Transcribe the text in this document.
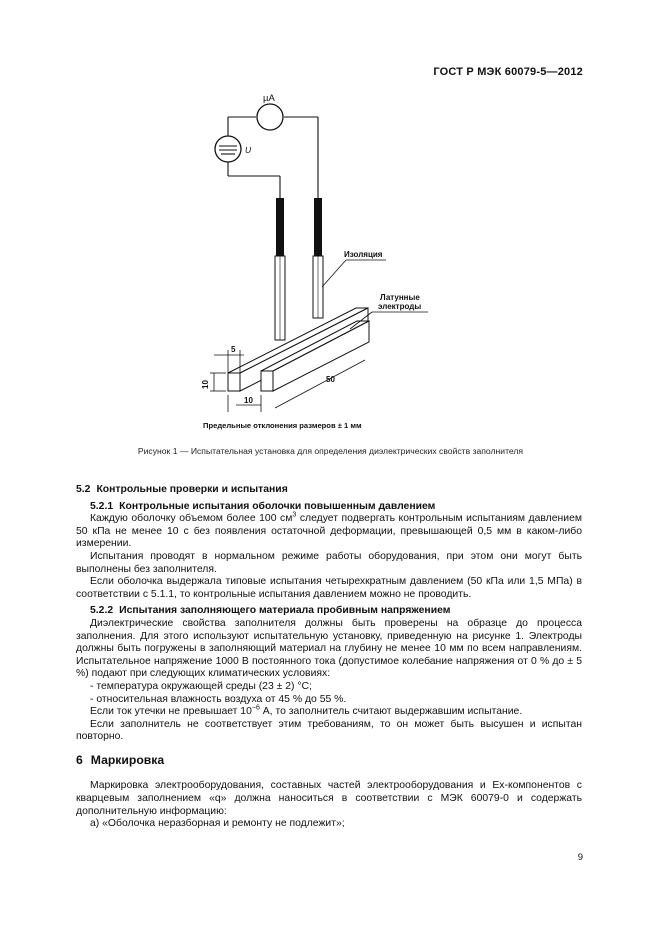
ГОСТ Р МЭК 60079-5—2012
µA
U
Изоляция
Латунные
электроды
5
10
10
50
Предельные отклонения размеров ± 1 мм
Рисунок 1 — Испытательная установка для определения диэлектрических свойств заполнителя
5.2 Контрольные проверки и испытания
5.2.1 Контрольные испытания оболочки повышенным давлением

Каждую оболочку объемом более 100 $см^3$ следует подвергать контрольным испытаниям давлением 50 кПа не менее 10 с без появления остаточной деформации, превышающей 0,5 мм в каком-либо измерении.

Испытания проводят в нормальном режиме работы оборудования, при этом они могут быть выполнены без заполнителя.

Если оболочка выдержала типовые испытания четырехкратным давлением (50 кПа или 1,5 МПа) в соответствии с 5.1.1, то контрольные испытания давлением можно не проводить.

5.2.2 Испытания заполняющего материала пробивным напряжением

Диэлектрические свойства заполнителя должны быть проверены на образце до процесса заполнения. Для этого используют испытательную установку, приведенную на рисунке 1. Электроды должны быть погружены в заполняющий материал на глубину не менее 10 мм по всем направлениям. Испытательное напряжение 1000 В постоянного тока (допустимое колебание напряжения от 0 % до ± 5 %) подают при следующих климатических условиях:

- температура окружающей среды (23 ± 2) °С;

- относительная влажность воздуха от 45 % до 55 %.

Если ток утечки не превышает $10^{-6}$ А, то заполнитель считают выдержавшим испытание.

Если заполнитель не соответствует этим требованиям, то он может быть высушен и испытан повторно.

6 Маркировка

Маркировка электрооборудования, составных частей электрооборудования и Ex-компонентов с кварцевым заполнением «q» должна наноситься в соответствии с МЭК 60079-0 и содержать дополнительную информацию:

а) «Оболочка неразборная и ремонту не подлежит»;

9
